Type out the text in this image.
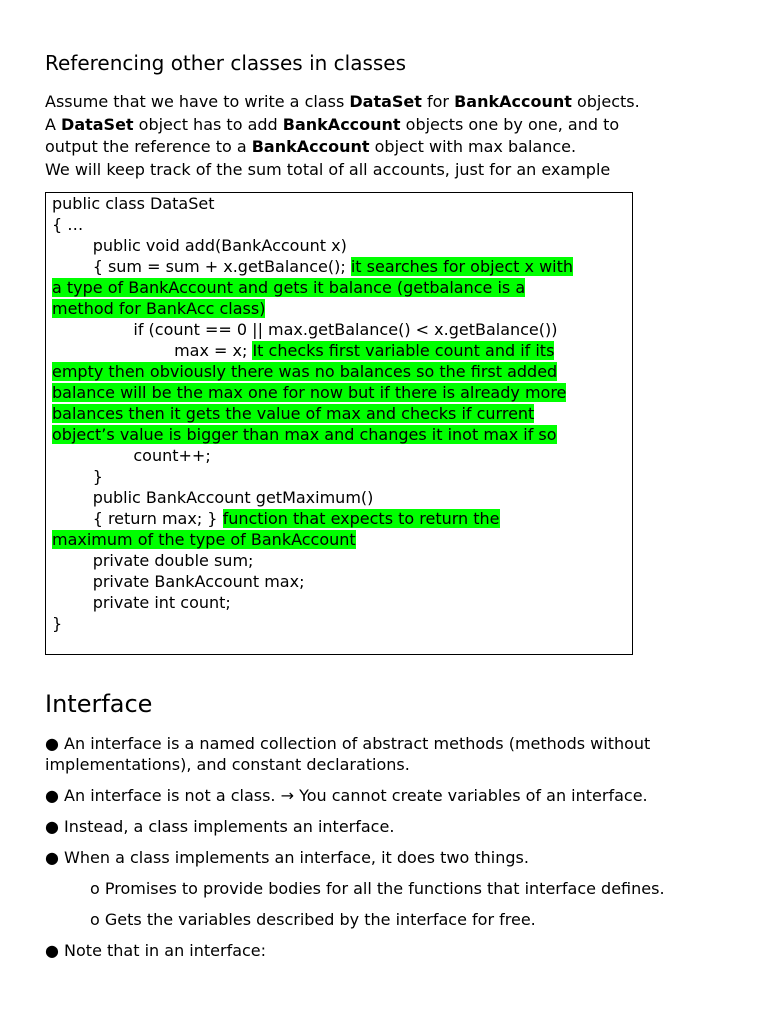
Referencing other classes in classes
Assume that we have to write a class DataSet for BankAccount objects.
A DataSet object has to add BankAccount objects one by one, and to
output the reference to a BankAccount object with max balance.
We will keep track of the sum total of all accounts, just for an example
public class DataSet
{ …
public void add(BankAccount x)
{ sum = sum + x.getBalance(); it searches for object x with
a type of BankAccount and gets it balance (getbalance is a
method for BankAcc class)
if (count == 0 || max.getBalance() < x.getBalance())
max = x; It checks first variable count and if its
empty then obviously there was no balances so the first added
balance will be the max one for now but if there is already more
balances then it gets the value of max and checks if current
object’s value is bigger than max and changes it inot max if so
count++;
}
public BankAccount getMaximum()
{ return max; } function that expects to return the
maximum of the type of BankAccount
private double sum;
private BankAccount max;
private int count;
}
Interface
● An interface is a named collection of abstract methods (methods without
implementations), and constant declarations.
● An interface is not a class. → You cannot create variables of an interface.
● Instead, a class implements an interface.
● When a class implements an interface, it does two things.
o Promises to provide bodies for all the functions that interface defines.
o Gets the variables described by the interface for free.
● Note that in an interface:
